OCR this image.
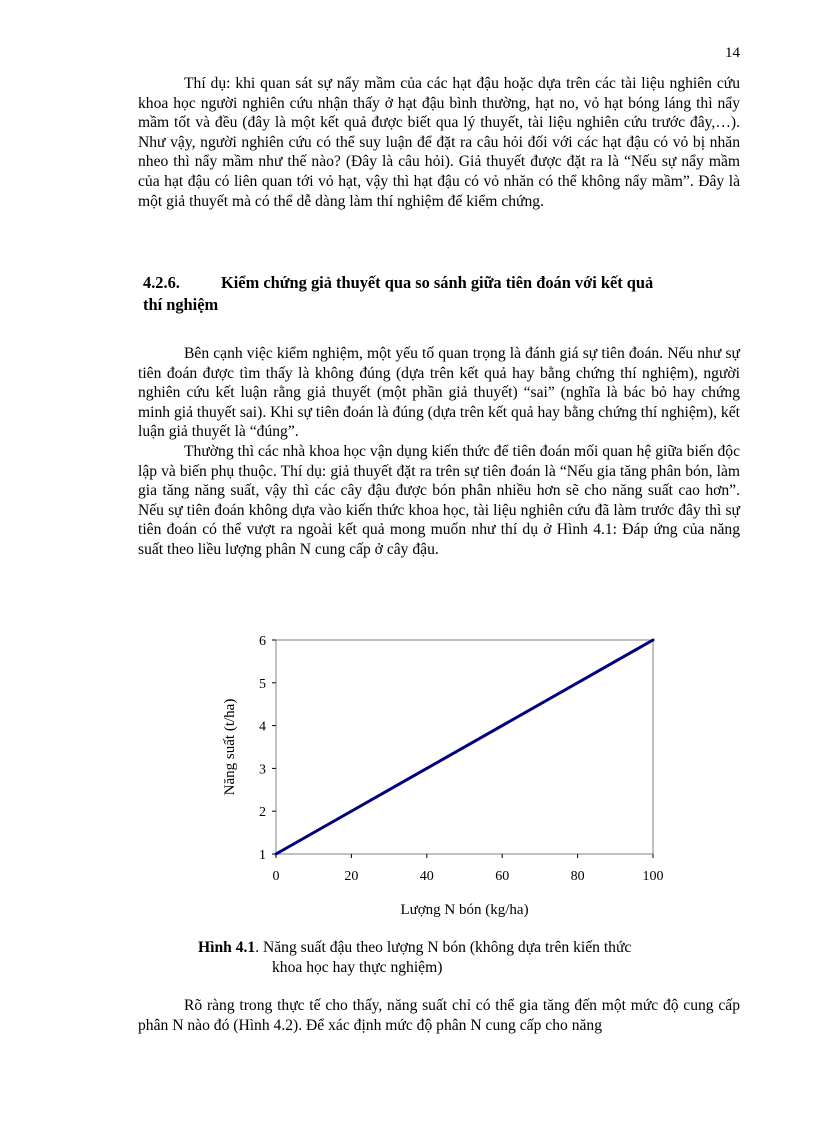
14

Thí dụ: khi quan sát sự nẩy mầm của các hạt đậu hoặc dựa trên các tài liệu nghiên cứu khoa học người nghiên cứu nhận thấy ở hạt đậu bình thường, hạt no, vỏ hạt bóng láng thì nẩy mầm tốt và đều (đây là một kết quả được biết qua lý thuyết, tài liệu nghiên cứu trước đây,…). Như vậy, người nghiên cứu có thể suy luận để đặt ra câu hỏi đối với các hạt đậu có vỏ bị nhăn nheo thì nẩy mầm như thế nào? (Đây là câu hỏi). Giả thuyết được đặt ra là “Nếu sự nẩy mầm của hạt đậu có liên quan tới vỏ hạt, vậy thì hạt đậu có vỏ nhăn có thể không nẩy mầm”. Đây là một giả thuyết mà có thể dễ dàng làm thí nghiệm để kiểm chứng.

4.2.6.	Kiểm chứng giả thuyết qua so sánh giữa tiên đoán với kết quả
thí nghiệm

Bên cạnh việc kiểm nghiệm, một yếu tố quan trọng là đánh giá sự tiên đoán. Nếu như sự tiên đoán được tìm thấy là không đúng (dựa trên kết quả hay bằng chứng thí nghiệm), người nghiên cứu kết luận rằng giả thuyết (một phần giả thuyết) “sai” (nghĩa là bác bỏ hay chứng minh giả thuyết sai). Khi sự tiên đoán là đúng (dựa trên kết quả hay bằng chứng thí nghiệm), kết luận giả thuyết là “đúng”.

Thường thì các nhà khoa học vận dụng kiến thức để tiên đoán mối quan hệ giữa biến độc lập và biến phụ thuộc. Thí dụ: giả thuyết đặt ra trên sự tiên đoán là “Nếu gia tăng phân bón, làm gia tăng năng suất, vậy thì các cây đậu được bón phân nhiều hơn sẽ cho năng suất cao hơn”. Nếu sự tiên đoán không dựa vào kiến thức khoa học, tài liệu nghiên cứu đã làm trước đây thì sự tiên đoán có thể vượt ra ngoài kết quả mong muốn như thí dụ ở Hình 4.1: Đáp ứng của năng suất theo liều lượng phân N cung cấp ở cây đậu.

1
2
3
4
5
6
0	20	40	60	80	100
Lượng N bón (kg/ha)
Năng suất (t/ha)

Hình 4.1. Năng suất đậu theo lượng N bón (không dựa trên kiến thức
khoa học hay thực nghiệm)

Rõ ràng trong thực tế cho thấy, năng suất chỉ có thể gia tăng đến một mức độ cung cấp phân N nào đó (Hình 4.2). Để xác định mức độ phân N cung cấp cho năng
